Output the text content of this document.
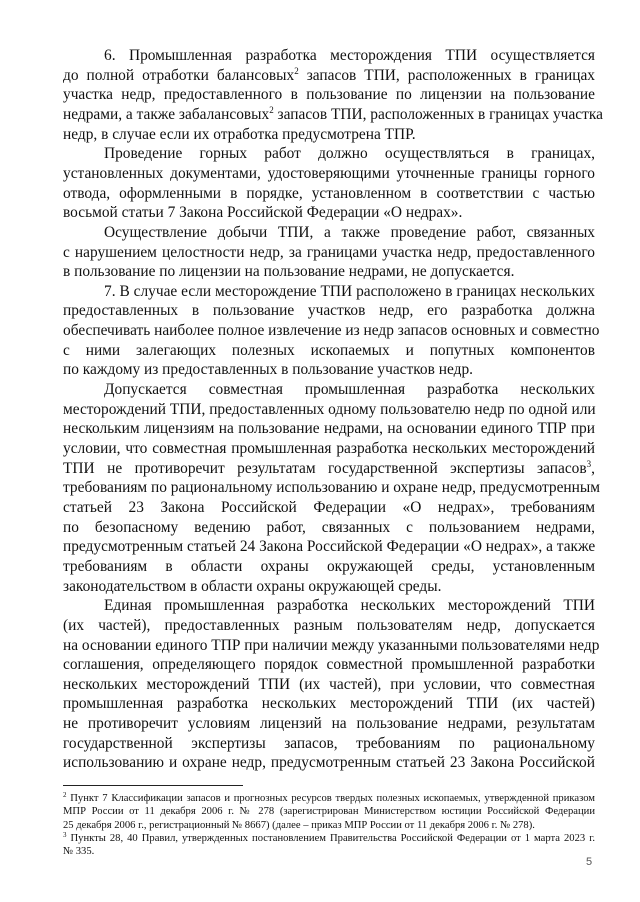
6. Промышленная разработка месторождения ТПИ осуществляется
до полной отработки балансовых$^2$ запасов ТПИ, расположенных в границах
участка недр, предоставленного в пользование по лицензии на пользование
недрами, а также забалансовых$^2$ запасов ТПИ, расположенных в границах участка
недр, в случае если их отработка предусмотрена ТПР.
Проведение горных работ должно осуществляться в границах,
установленных документами, удостоверяющими уточненные границы горного
отвода, оформленными в порядке, установленном в соответствии с частью
восьмой статьи 7 Закона Российской Федерации «О недрах».
Осуществление добычи ТПИ, а также проведение работ, связанных
с нарушением целостности недр, за границами участка недр, предоставленного
в пользование по лицензии на пользование недрами, не допускается.
7. В случае если месторождение ТПИ расположено в границах нескольких
предоставленных в пользование участков недр, его разработка должна
обеспечивать наиболее полное извлечение из недр запасов основных и совместно
с ними залегающих полезных ископаемых и попутных компонентов
по каждому из предоставленных в пользование участков недр.
Допускается совместная промышленная разработка нескольких
месторождений ТПИ, предоставленных одному пользователю недр по одной или
нескольким лицензиям на пользование недрами, на основании единого ТПР при
условии, что совместная промышленная разработка нескольких месторождений
ТПИ не противоречит результатам государственной экспертизы запасов$^3$,
требованиям по рациональному использованию и охране недр, предусмотренным
статьей 23 Закона Российской Федерации «О недрах», требованиям
по безопасному ведению работ, связанных с пользованием недрами,
предусмотренным статьей 24 Закона Российской Федерации «О недрах», а также
требованиям в области охраны окружающей среды, установленным
законодательством в области охраны окружающей среды.
Единая промышленная разработка нескольких месторождений ТПИ
(их частей), предоставленных разным пользователям недр, допускается
на основании единого ТПР при наличии между указанными пользователями недр
соглашения, определяющего порядок совместной промышленной разработки
нескольких месторождений ТПИ (их частей), при условии, что совместная
промышленная разработка нескольких месторождений ТПИ (их частей)
не противоречит условиям лицензий на пользование недрами, результатам
государственной экспертизы запасов, требованиям по рациональному
использованию и охране недр, предусмотренным статьей 23 Закона Российской
$^2$ Пункт 7 Классификации запасов и прогнозных ресурсов твердых полезных ископаемых, утвержденной приказом
МПР России от 11 декабря 2006 г. № 278 (зарегистрирован Министерством юстиции Российской Федерации
25 декабря 2006 г., регистрационный № 8667) (далее – приказ МПР России от 11 декабря 2006 г. № 278).
$^3$ Пункты 28, 40 Правил, утвержденных постановлением Правительства Российской Федерации от 1 марта 2023 г.
№ 335.
5
